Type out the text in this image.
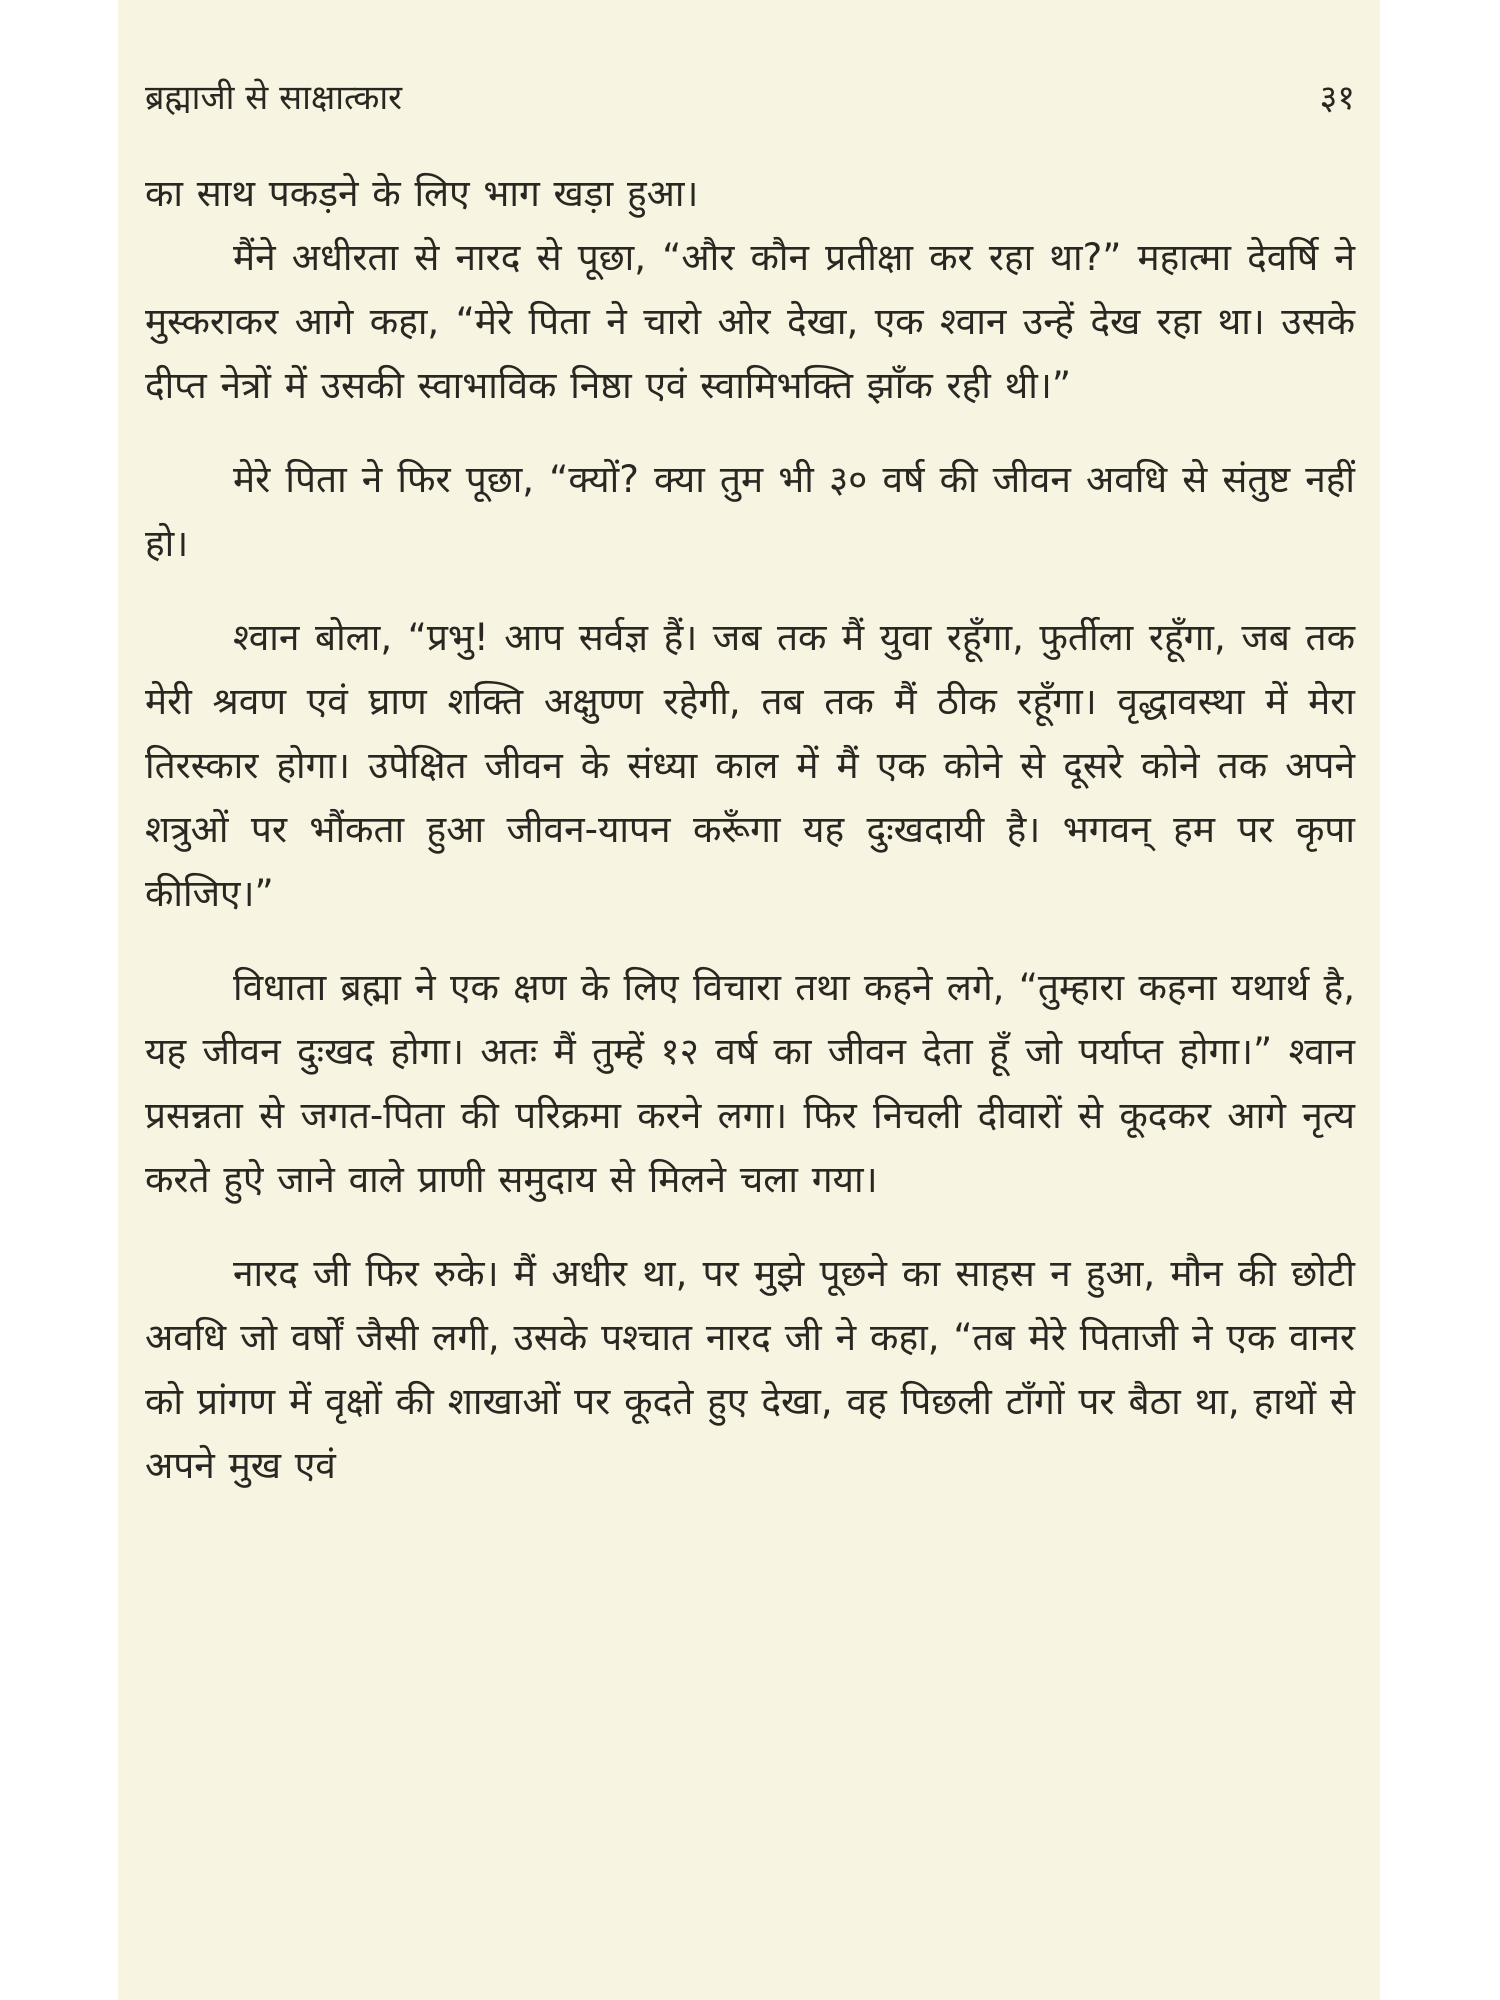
ब्रह्माजी से साक्षात्कार	३१

का साथ पकड़ने के लिए भाग खड़ा हुआ।

मैंने अधीरता से नारद से पूछा, “और कौन प्रतीक्षा कर रहा था?” महात्मा देवर्षि ने मुस्कराकर आगे कहा, “मेरे पिता ने चारो ओर देखा, एक श्वान उन्हें देख रहा था। उसके दीप्त नेत्रों में उसकी स्वाभाविक निष्ठा एवं स्वामिभक्ति झाँक रही थी।”

मेरे पिता ने फिर पूछा, “क्यों? क्या तुम भी ३० वर्ष की जीवन अवधि से संतुष्ट नहीं हो।

श्वान बोला, “प्रभु! आप सर्वज्ञ हैं। जब तक मैं युवा रहूँगा, फुर्तीला रहूँगा, जब तक मेरी श्रवण एवं घ्राण शक्ति अक्षुण्ण रहेगी, तब तक मैं ठीक रहूँगा। वृद्धावस्था में मेरा तिरस्कार होगा। उपेक्षित जीवन के संध्या काल में मैं एक कोने से दूसरे कोने तक अपने शत्रुओं पर भौंकता हुआ जीवन-यापन करूँगा यह दुःखदायी है। भगवन् हम पर कृपा कीजिए।”

विधाता ब्रह्मा ने एक क्षण के लिए विचारा तथा कहने लगे, “तुम्हारा कहना यथार्थ है, यह जीवन दुःखद होगा। अतः मैं तुम्हें १२ वर्ष का जीवन देता हूँ जो पर्याप्त होगा।” श्वान प्रसन्नता से जगत-पिता की परिक्रमा करने लगा। फिर निचली दीवारों से कूदकर आगे नृत्य करते हुऐ जाने वाले प्राणी समुदाय से मिलने चला गया।

नारद जी फिर रुके। मैं अधीर था, पर मुझे पूछने का साहस न हुआ, मौन की छोटी अवधि जो वर्षों जैसी लगी, उसके पश्चात नारद जी ने कहा, “तब मेरे पिताजी ने एक वानर को प्रांगण में वृक्षों की शाखाओं पर कूदते हुए देखा, वह पिछली टाँगों पर बैठा था, हाथों से अपने मुख एवं
